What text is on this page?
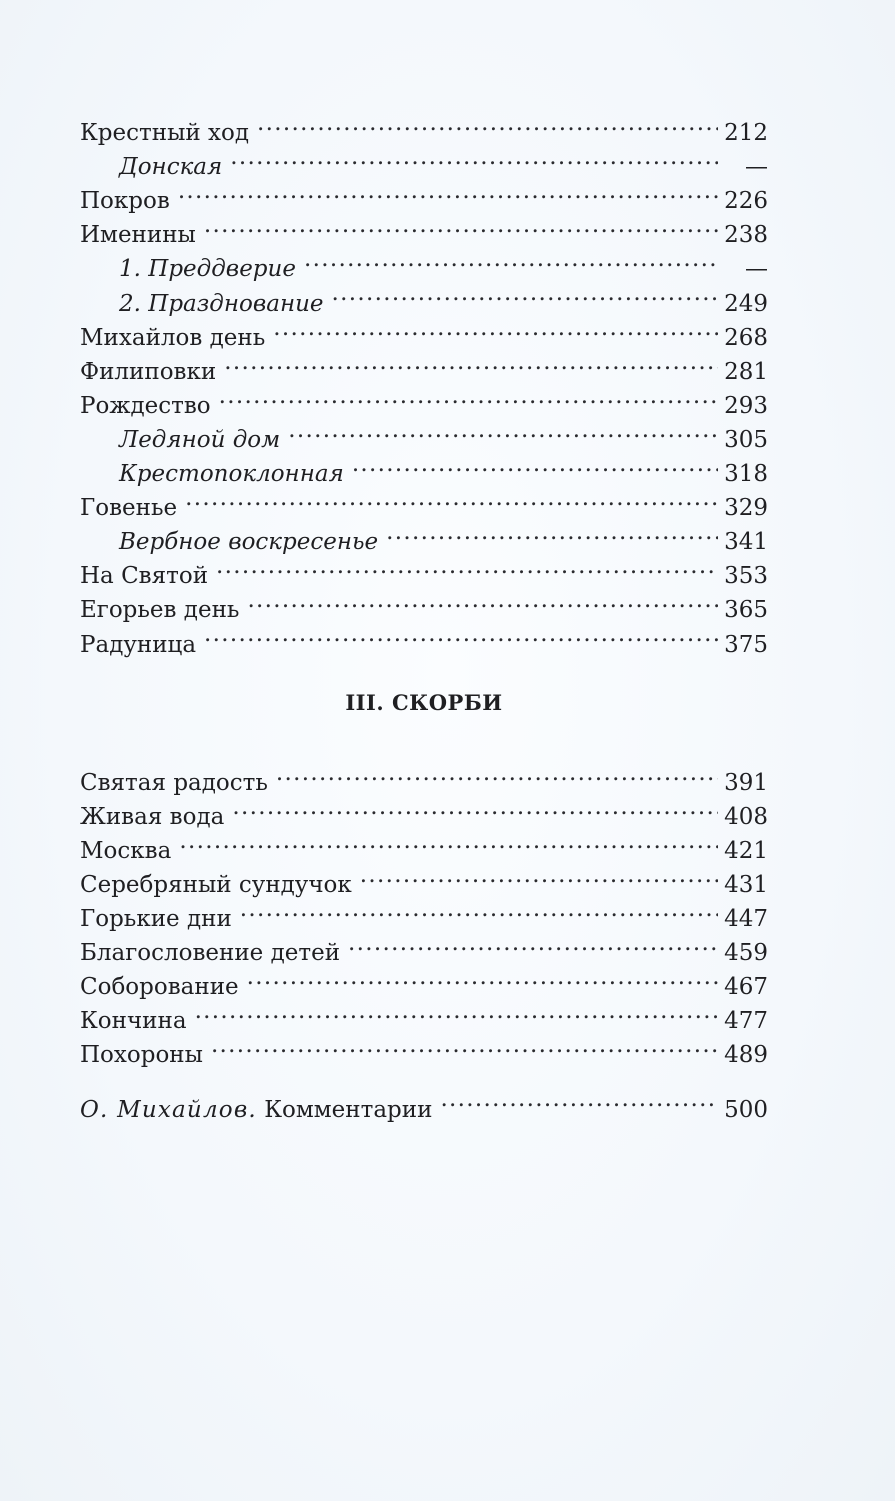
Крестный ход . . .	212
Донская . . .	—
Покров . . .	226
Именины . . .	238
1. Преддверие . . .	—
2. Празднование . . .	249
Михайлов день . . .	268
Филиповки . . .	281
Рождество . . .	293
Ледяной дом . . .	305
Крестопоклонная . . .	318
Говенье . . .	329
Вербное воскресенье . . .	341
На Святой . . .	353
Егорьев день . . .	365
Радуница . . .	375
III. СКОРБИ
Святая радость . . .	391
Живая вода . . .	408
Москва . . .	421
Серебряный сундучок . . .	431
Горькие дни . . .	447
Благословение детей . . .	459
Соборование . . .	467
Кончина . . .	477
Похороны . . .	489
О. Михайлов. Комментарии . . .	500
